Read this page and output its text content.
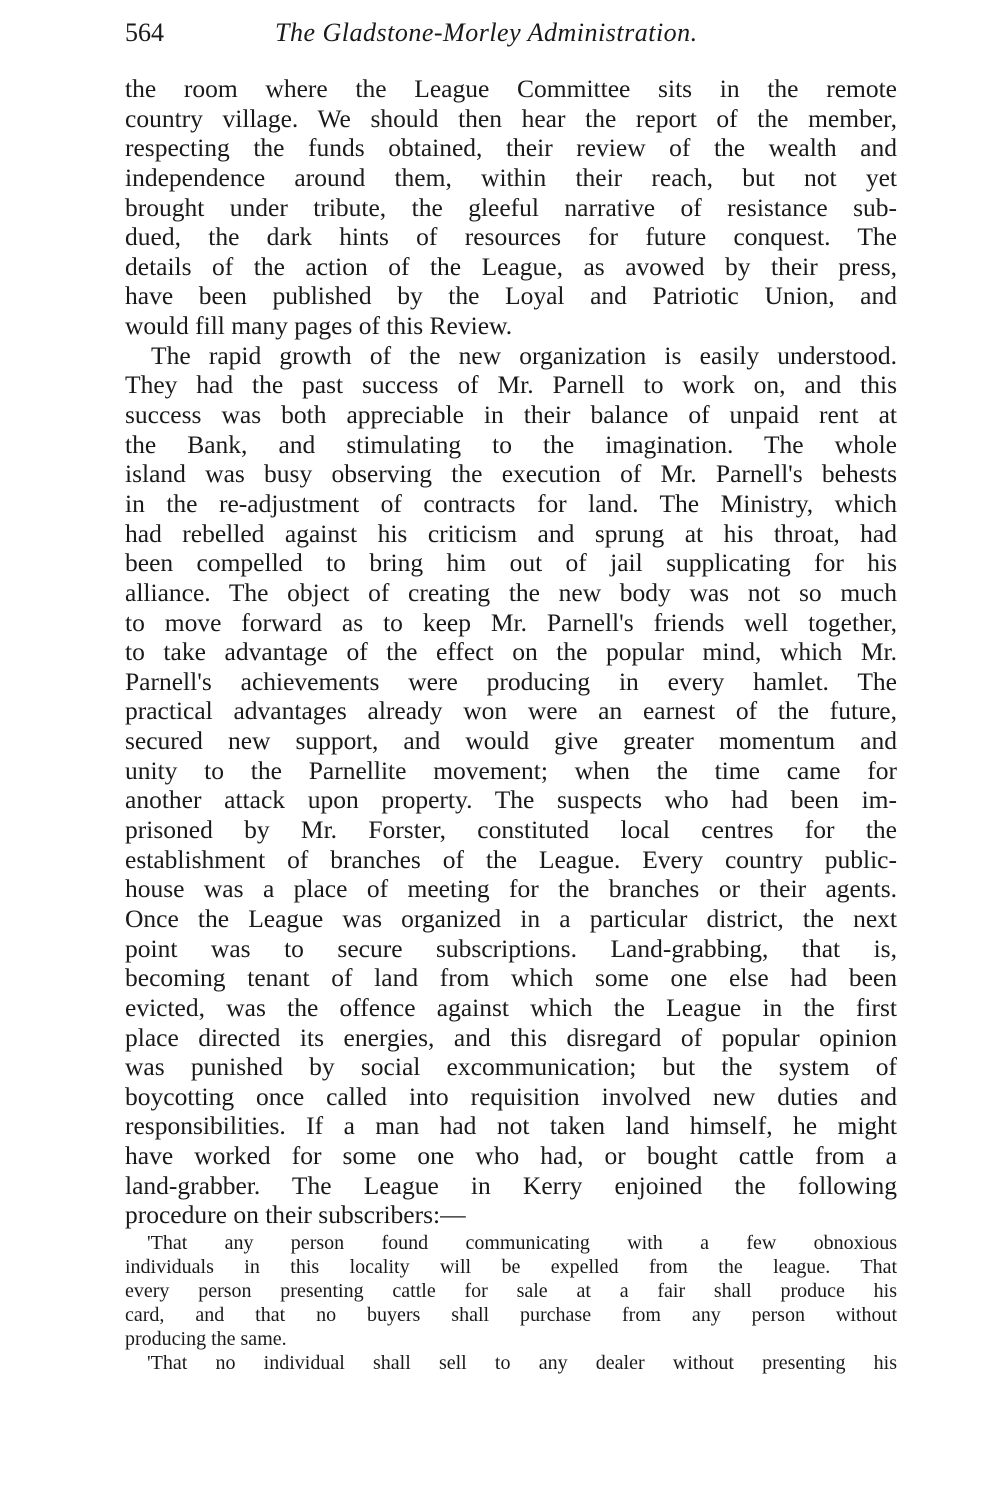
564	The Gladstone-Morley Administration.
the room where the League Committee sits in the remote
country village. We should then hear the report of the member,
respecting the funds obtained, their review of the wealth and
independence around them, within their reach, but not yet
brought under tribute, the gleeful narrative of resistance sub-
dued, the dark hints of resources for future conquest. The
details of the action of the League, as avowed by their press,
have been published by the Loyal and Patriotic Union, and
would fill many pages of this Review.
The rapid growth of the new organization is easily understood.
They had the past success of Mr. Parnell to work on, and this
success was both appreciable in their balance of unpaid rent at
the Bank, and stimulating to the imagination. The whole
island was busy observing the execution of Mr. Parnell's behests
in the re-adjustment of contracts for land. The Ministry, which
had rebelled against his criticism and sprung at his throat, had
been compelled to bring him out of jail supplicating for his
alliance. The object of creating the new body was not so much
to move forward as to keep Mr. Parnell's friends well together,
to take advantage of the effect on the popular mind, which Mr.
Parnell's achievements were producing in every hamlet. The
practical advantages already won were an earnest of the future,
secured new support, and would give greater momentum and
unity to the Parnellite movement; when the time came for
another attack upon property. The suspects who had been im-
prisoned by Mr. Forster, constituted local centres for the
establishment of branches of the League. Every country public-
house was a place of meeting for the branches or their agents.
Once the League was organized in a particular district, the next
point was to secure subscriptions. Land-grabbing, that is,
becoming tenant of land from which some one else had been
evicted, was the offence against which the League in the first
place directed its energies, and this disregard of popular opinion
was punished by social excommunication; but the system of
boycotting once called into requisition involved new duties and
responsibilities. If a man had not taken land himself, he might
have worked for some one who had, or bought cattle from a
land-grabber. The League in Kerry enjoined the following
procedure on their subscribers:—
'That any person found communicating with a few obnoxious
individuals in this locality will be expelled from the league. That
every person presenting cattle for sale at a fair shall produce his
card, and that no buyers shall purchase from any person without
producing the same.
'That no individual shall sell to any dealer without presenting his
